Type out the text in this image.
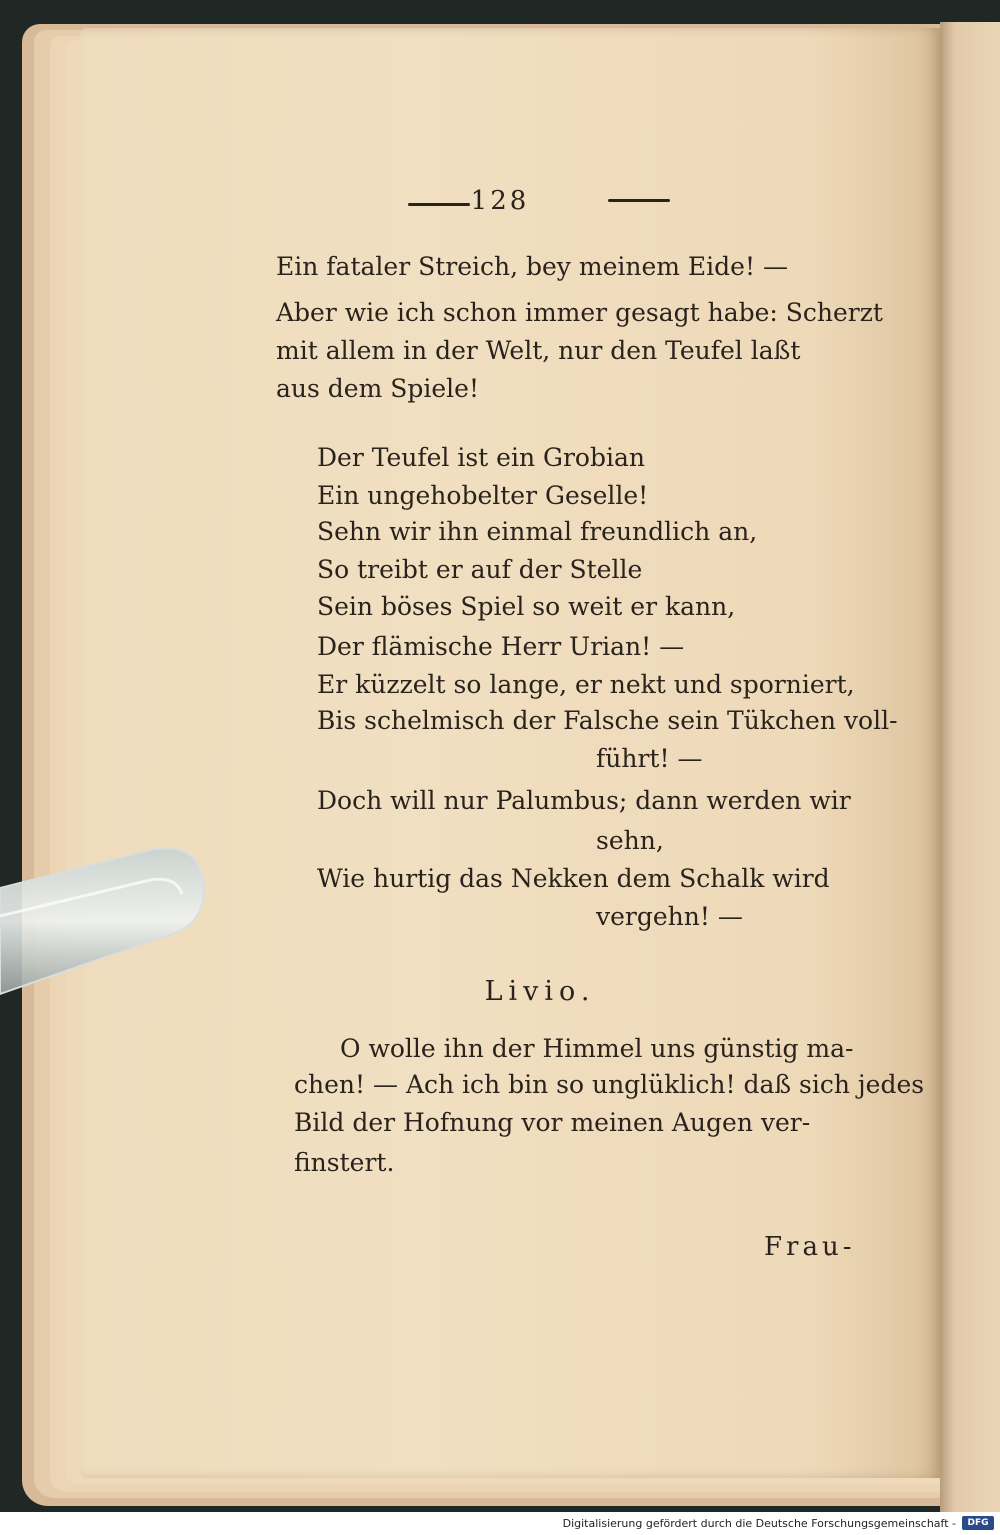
128
Ein fataler Streich, bey meinem Eide! —
Aber wie ich schon immer gesagt habe: Scherzt
mit allem in der Welt, nur den Teufel laßt
aus dem Spiele!
Der Teufel ist ein Grobian
Ein ungehobelter Geselle!
Sehn wir ihn einmal freundlich an,
So treibt er auf der Stelle
Sein böses Spiel so weit er kann,
Der flämische Herr Urian! —
Er küzzelt so lange, er nekt und sporniert,
Bis schelmisch der Falsche sein Tükchen voll-
führt! —
Doch will nur Palumbus; dann werden wir
sehn,
Wie hurtig das Nekken dem Schalk wird
vergehn! —
Livio.
O wolle ihn der Himmel uns günstig ma-
chen! — Ach ich bin so unglüklich! daß sich jedes
Bild der Hofnung vor meinen Augen ver-
finstert.
Frau-
Digitalisierung gefördert durch die Deutsche Forschungsgemeinschaft -	DFG
